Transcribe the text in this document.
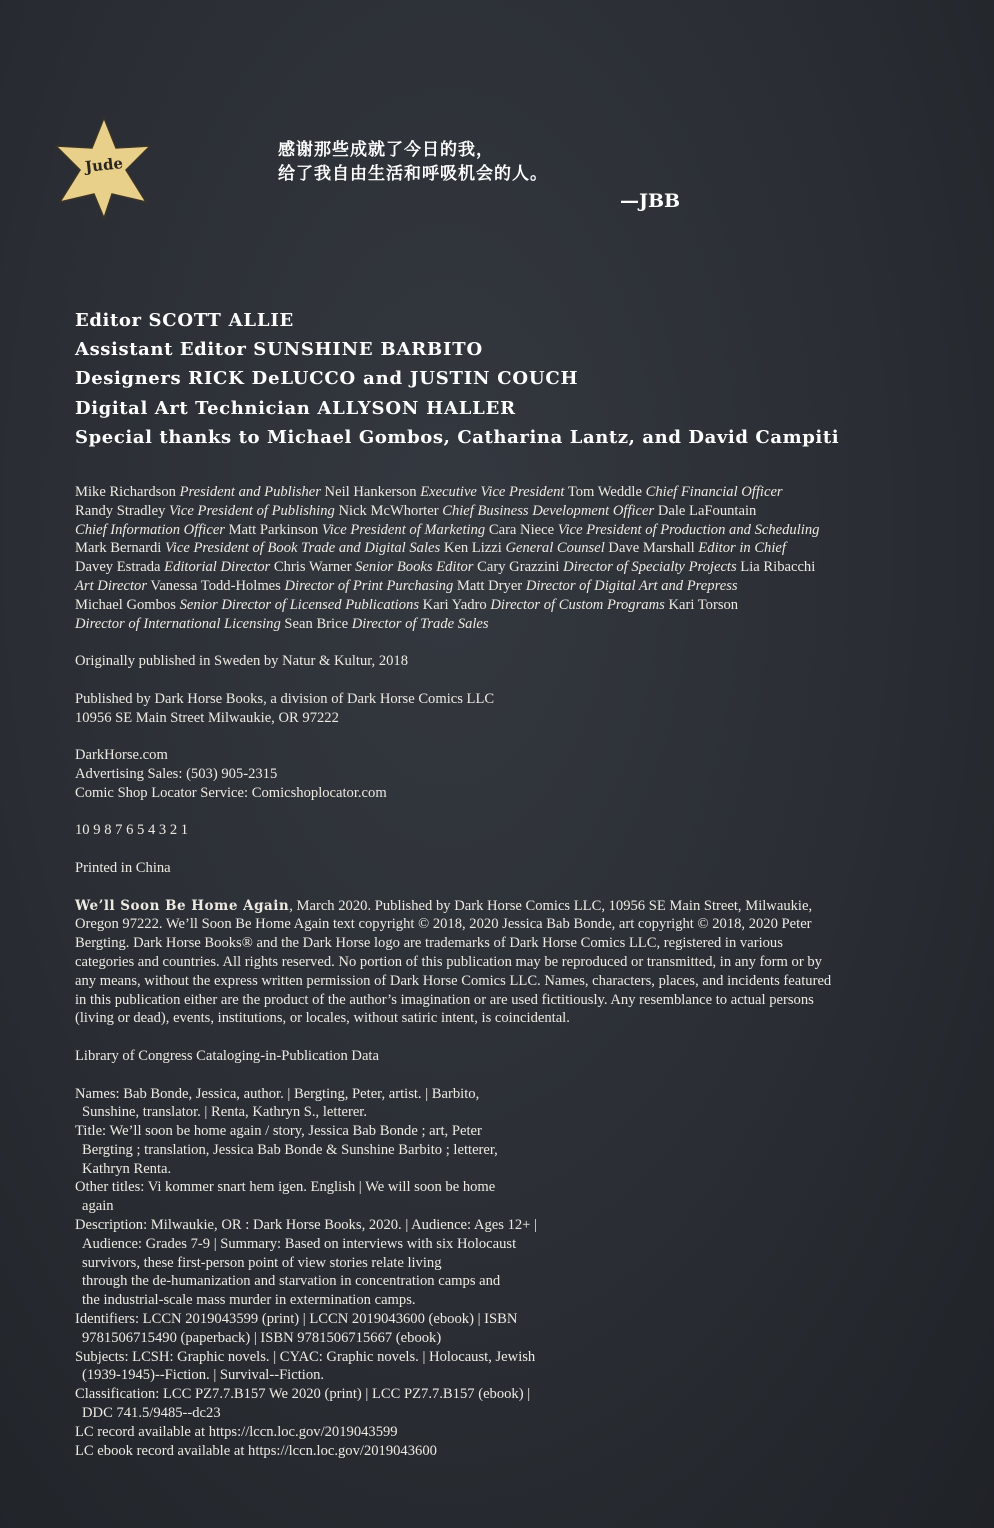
Jude
感谢那些成就了今日的我，
给了我自由生活和呼吸机会的人。
—JBB
Editor SCOTT ALLIE
Assistant Editor SUNSHINE BARBITO
Designers RICK DeLUCCO and JUSTIN COUCH
Digital Art Technician ALLYSON HALLER
Special thanks to Michael Gombos, Catharina Lantz, and David Campiti

Mike Richardson President and Publisher Neil Hankerson Executive Vice President Tom Weddle Chief Financial Officer
Randy Stradley Vice President of Publishing Nick McWhorter Chief Business Development Officer Dale LaFountain
Chief Information Officer Matt Parkinson Vice President of Marketing Cara Niece Vice President of Production and Scheduling
Mark Bernardi Vice President of Book Trade and Digital Sales Ken Lizzi General Counsel Dave Marshall Editor in Chief
Davey Estrada Editorial Director Chris Warner Senior Books Editor Cary Grazzini Director of Specialty Projects Lia Ribacchi
Art Director Vanessa Todd-Holmes Director of Print Purchasing Matt Dryer Director of Digital Art and Prepress
Michael Gombos Senior Director of Licensed Publications Kari Yadro Director of Custom Programs Kari Torson
Director of International Licensing Sean Brice Director of Trade Sales

Originally published in Sweden by Natur & Kultur, 2018

Published by Dark Horse Books, a division of Dark Horse Comics LLC
10956 SE Main Street Milwaukie, OR 97222

DarkHorse.com
Advertising Sales: (503) 905-2315
Comic Shop Locator Service: Comicshoplocator.com

10 9 8 7 6 5 4 3 2 1

Printed in China

We’ll Soon Be Home Again, March 2020. Published by Dark Horse Comics LLC, 10956 SE Main Street, Milwaukie,
Oregon 97222. We’ll Soon Be Home Again text copyright © 2018, 2020 Jessica Bab Bonde, art copyright © 2018, 2020 Peter
Bergting. Dark Horse Books® and the Dark Horse logo are trademarks of Dark Horse Comics LLC, registered in various
categories and countries. All rights reserved. No portion of this publication may be reproduced or transmitted, in any form or by
any means, without the express written permission of Dark Horse Comics LLC. Names, characters, places, and incidents featured
in this publication either are the product of the author’s imagination or are used fictitiously. Any resemblance to actual persons
(living or dead), events, institutions, or locales, without satiric intent, is coincidental.

Library of Congress Cataloging-in-Publication Data

Names: Bab Bonde, Jessica, author. | Bergting, Peter, artist. | Barbito,
Sunshine, translator. | Renta, Kathryn S., letterer.
Title: We’ll soon be home again / story, Jessica Bab Bonde ; art, Peter
Bergting ; translation, Jessica Bab Bonde & Sunshine Barbito ; letterer,
Kathryn Renta.
Other titles: Vi kommer snart hem igen. English | We will soon be home
again
Description: Milwaukie, OR : Dark Horse Books, 2020. | Audience: Ages 12+ |
Audience: Grades 7-9 | Summary: Based on interviews with six Holocaust
survivors, these first-person point of view stories relate living
through the de-humanization and starvation in concentration camps and
the industrial-scale mass murder in extermination camps.
Identifiers: LCCN 2019043599 (print) | LCCN 2019043600 (ebook) | ISBN
9781506715490 (paperback) | ISBN 9781506715667 (ebook)
Subjects: LCSH: Graphic novels. | CYAC: Graphic novels. | Holocaust, Jewish
(1939-1945)--Fiction. | Survival--Fiction.
Classification: LCC PZ7.7.B157 We 2020 (print) | LCC PZ7.7.B157 (ebook) |
DDC 741.5/9485--dc23
LC record available at https://lccn.loc.gov/2019043599
LC ebook record available at https://lccn.loc.gov/2019043600
